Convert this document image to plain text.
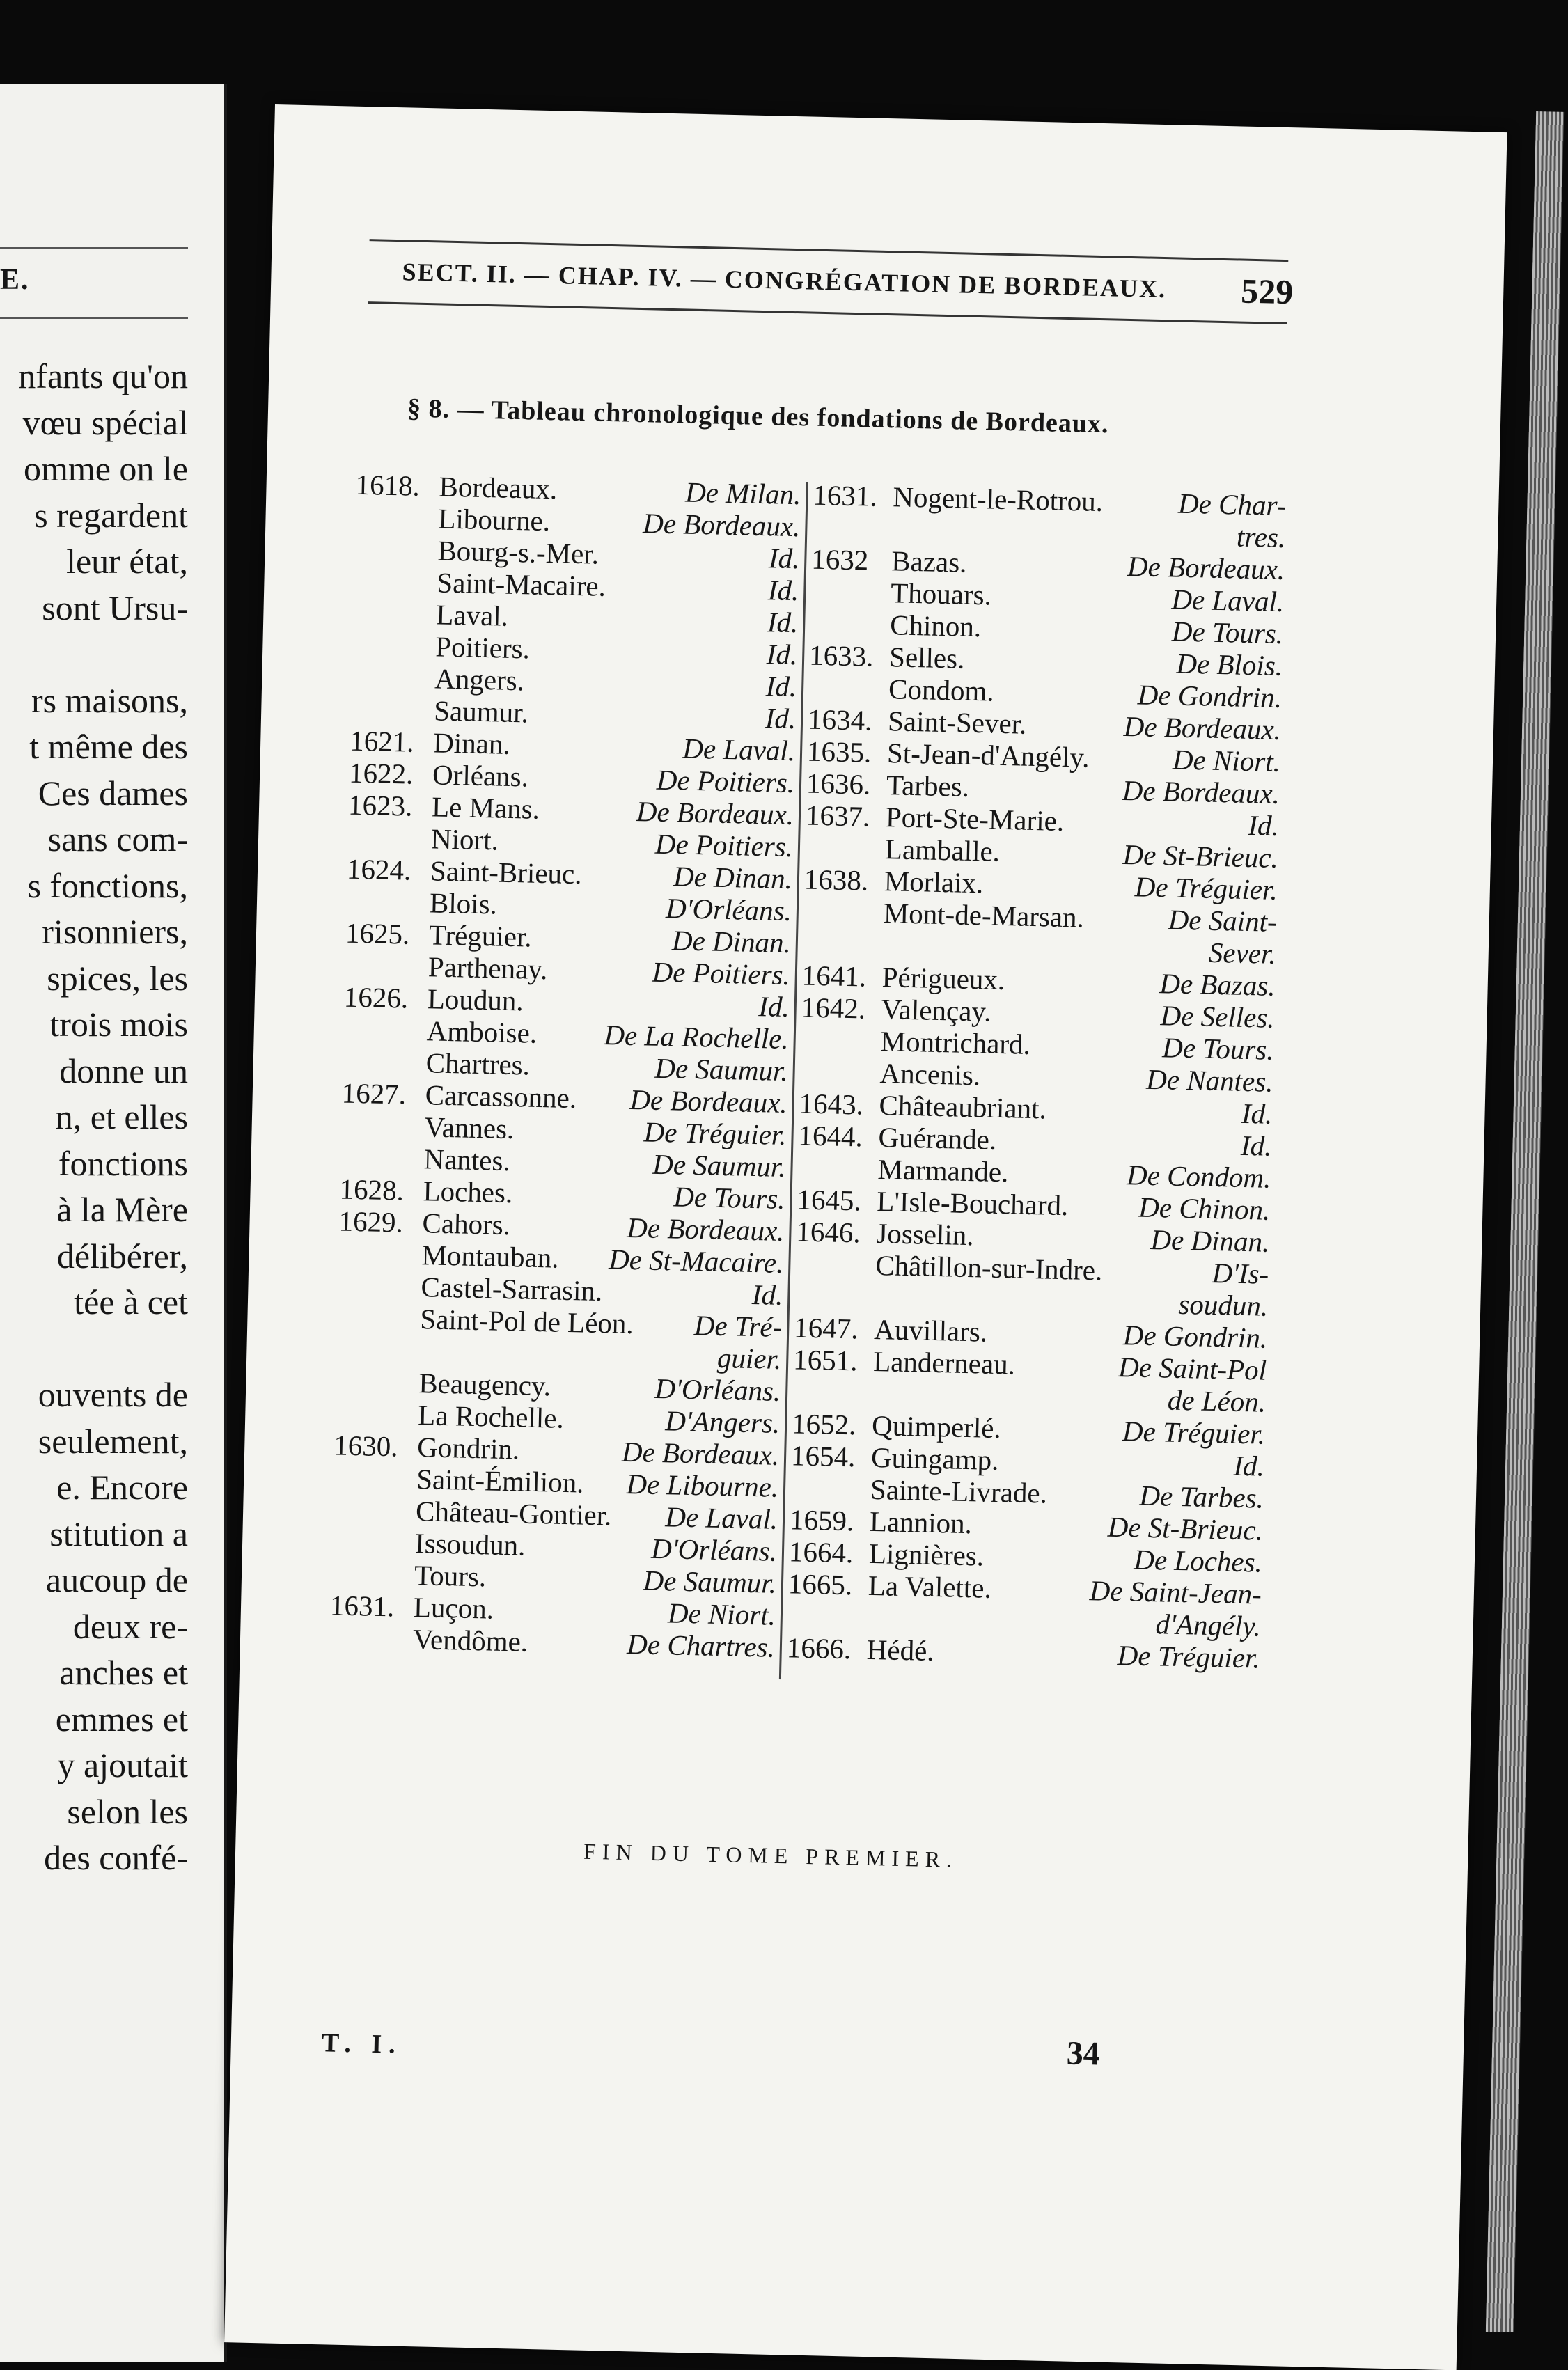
E.
nfants qu'on
vœu spécial
omme on le
s regardent
leur état,
sont Ursu-
rs maisons,
t même des
Ces dames
sans com-
s fonctions,
risonniers,
spices, les
trois mois
donne un
n, et elles
fonctions
à la Mère
délibérer,
tée à cet
ouvents de
seulement,
e. Encore
stitution a
aucoup de
deux re-
anches et
emmes et
y ajoutait
selon les
des confé-
SECT. II. — CHAP. IV. — CONGRÉGATION DE BORDEAUX. 529
§ 8. — Tableau chronologique des fondations de Bordeaux.
1618. Bordeaux.	De Milan.
Libourne.	De Bordeaux.
Bourg-s.-Mer.	Id.
Saint-Macaire.	Id.
Laval.	Id.
Poitiers.	Id.
Angers.	Id.
Saumur.	Id.
1621. Dinan.	De Laval.
1622. Orléans.	De Poitiers.
1623. Le Mans.	De Bordeaux.
Niort.	De Poitiers.
1624. Saint-Brieuc.	De Dinan.
Blois.	D'Orléans.
1625. Tréguier.	De Dinan.
Parthenay.	De Poitiers.
1626. Loudun.	Id.
Amboise. De La Rochelle.
Chartres.	De Saumur.
1627. Carcassonne. De Bordeaux.
Vannes.	De Tréguier.
Nantes.	De Saumur.
1628. Loches.	De Tours.
1629. Cahors.	De Bordeaux.
Montauban. De St-Macaire.
Castel-Sarrasin.	Id.
Saint-Pol de Léon. De Tré-
guier.
Beaugency.	D'Orléans.
La Rochelle.	D'Angers.
1630. Gondrin.	De Bordeaux.
Saint-Émilion. De Libourne.
Château-Gontier. De Laval.
Issoudun.	D'Orléans.
Tours.	De Saumur.
1631. Luçon.	De Niort.
Vendôme.	De Chartres.
1631. Nogent-le-Rotrou.	De Char-
tres.
1632 Bazas.	De Bordeaux.
Thouars.	De Laval.
Chinon.	De Tours.
1633. Selles.	De Blois.
Condom.	De Gondrin.
1634. Saint-Sever.	De Bordeaux.
1635. St-Jean-d'Angély.	De Niort.
1636. Tarbes.	De Bordeaux.
1637. Port-Ste-Marie.	Id.
Lamballe.	De St-Brieuc.
1638. Morlaix.	De Tréguier.
Mont-de-Marsan.	De Saint-
Sever.
1641. Périgueux.	De Bazas.
1642. Valençay.	De Selles.
Montrichard.	De Tours.
Ancenis.	De Nantes.
1643. Châteaubriant.	Id.
1644. Guérande.	Id.
Marmande.	De Condom.
1645. L'Isle-Bouchard. De Chinon.
1646. Josselin.	De Dinan.
Châtillon-sur-Indre.	D'Is-
soudun.
1647. Auvillars.	De Gondrin.
1651. Landerneau.	De Saint-Pol
de Léon.
1652. Quimperlé.	De Tréguier.
1654. Guingamp.	Id.
Sainte-Livrade.	De Tarbes.
1659. Lannion.	De St-Brieuc.
1664. Lignières.	De Loches.
1665. La Valette.	De Saint-Jean-
d'Angély.
1666. Hédé.	De Tréguier.
FIN DU TOME PREMIER.
T. I.	34
